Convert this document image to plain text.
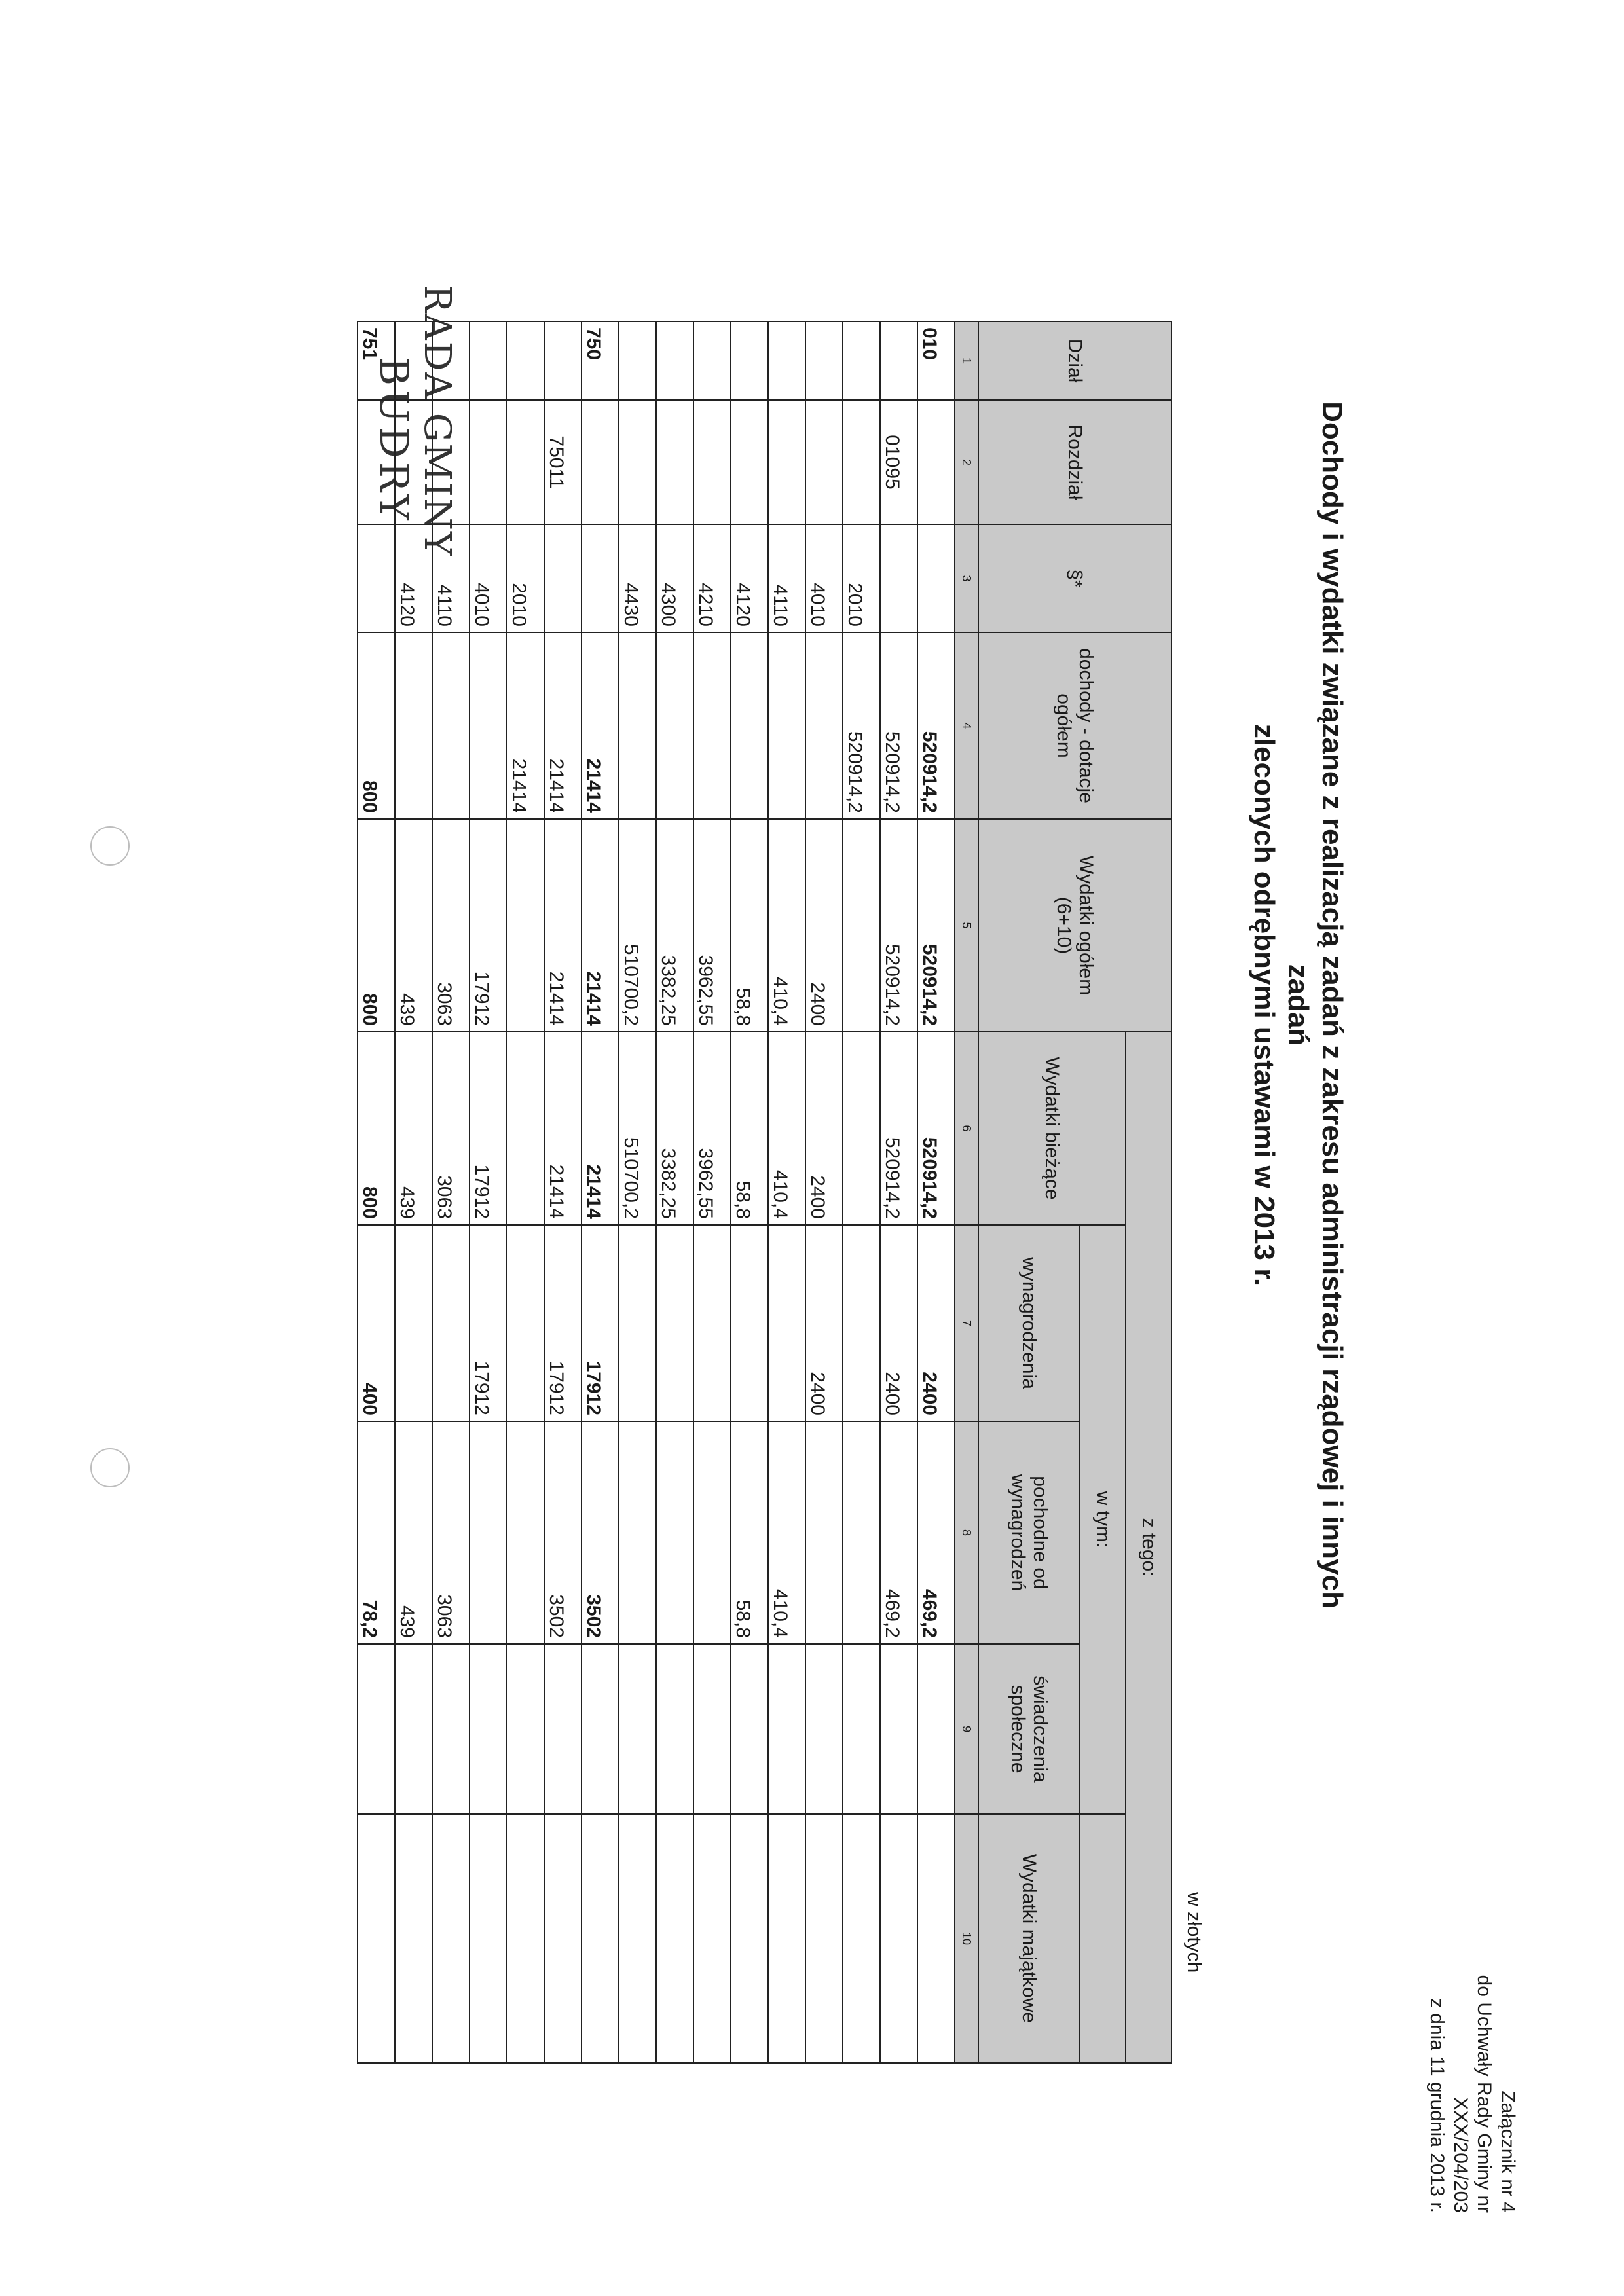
RADA GMINY
BUDRY
Załącznik nr 4
do Uchwały Rady Gminy nr XXX/204/203
z dnia 11 grudnia 2013 r.
Dochody i wydatki związane z realizacją zadań z zakresu administracji rządowej i innych zadań
zleconych odrębnymi ustawami w 2013 r.
w złotych
Dział	Rozdział	§*	dochody - dotacje ogółem	Wydatki ogółem (6+10)	z tego:				
					Wydatki bieżące	w tym:			
						wynagrodzenia	pochodne od wynagrodzeń	świadczenia społeczne	Wydatki majątkowe
1	2	3	4	5	6	7	8	9	10
010			520914,2	520914,2	520914,2	2400	469,2		
	01095		520914,2	520914,2	520914,2	2400	469,2		
		2010	520914,2						
		4010		2400	2400	2400			
		4110		410,4	410,4		410,4		
		4120		58,8	58,8		58,8		
		4210		3962,55	3962,55				
		4300		3382,25	3382,25				
		4430		510700,2	510700,2				
750			21414	21414	21414	17912	3502		
	75011		21414	21414	21414	17912	3502		
		2010	21414						
		4010		17912	17912	17912			
		4110		3063	3063		3063		
		4120		439	439		439		
751			800	800	800	400	78,2		
